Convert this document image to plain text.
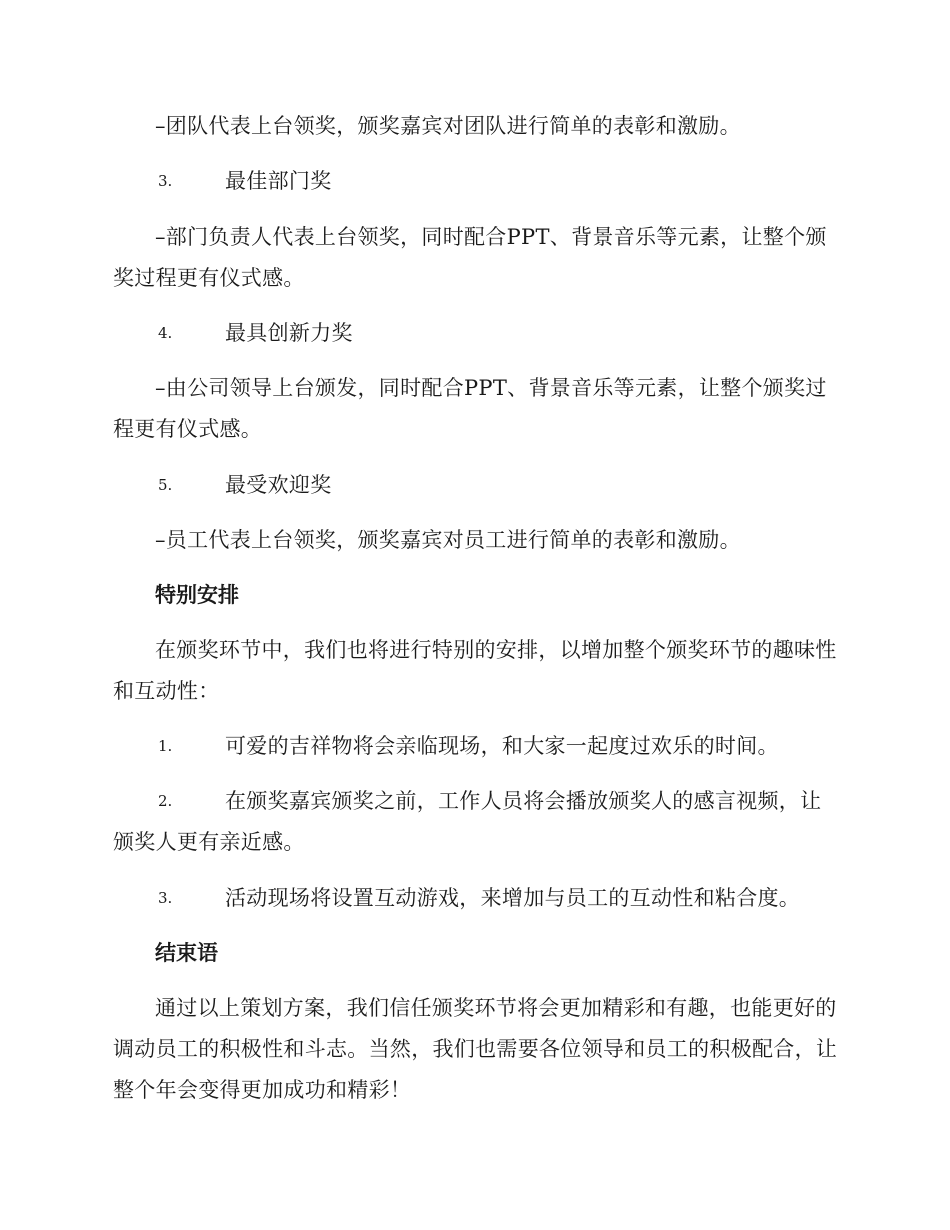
–团队代表上台领奖，颁奖嘉宾对团队进行简单的表彰和激励。
3.	最佳部门奖
–部门负责人代表上台领奖，同时配合PPT、背景音乐等元素，让整个颁奖过程更有仪式感。
4.	最具创新力奖
–由公司领导上台颁发，同时配合PPT、背景音乐等元素，让整个颁奖过程更有仪式感。
5.	最受欢迎奖
–员工代表上台领奖，颁奖嘉宾对员工进行简单的表彰和激励。
特别安排
在颁奖环节中，我们也将进行特别的安排，以增加整个颁奖环节的趣味性和互动性：
1.	可爱的吉祥物将会亲临现场，和大家一起度过欢乐的时间。
2.	在颁奖嘉宾颁奖之前，工作人员将会播放颁奖人的感言视频，让颁奖人更有亲近感。
3.	活动现场将设置互动游戏，来增加与员工的互动性和粘合度。
结束语
通过以上策划方案，我们信任颁奖环节将会更加精彩和有趣，也能更好的调动员工的积极性和斗志。当然，我们也需要各位领导和员工的积极配合，让整个年会变得更加成功和精彩！
